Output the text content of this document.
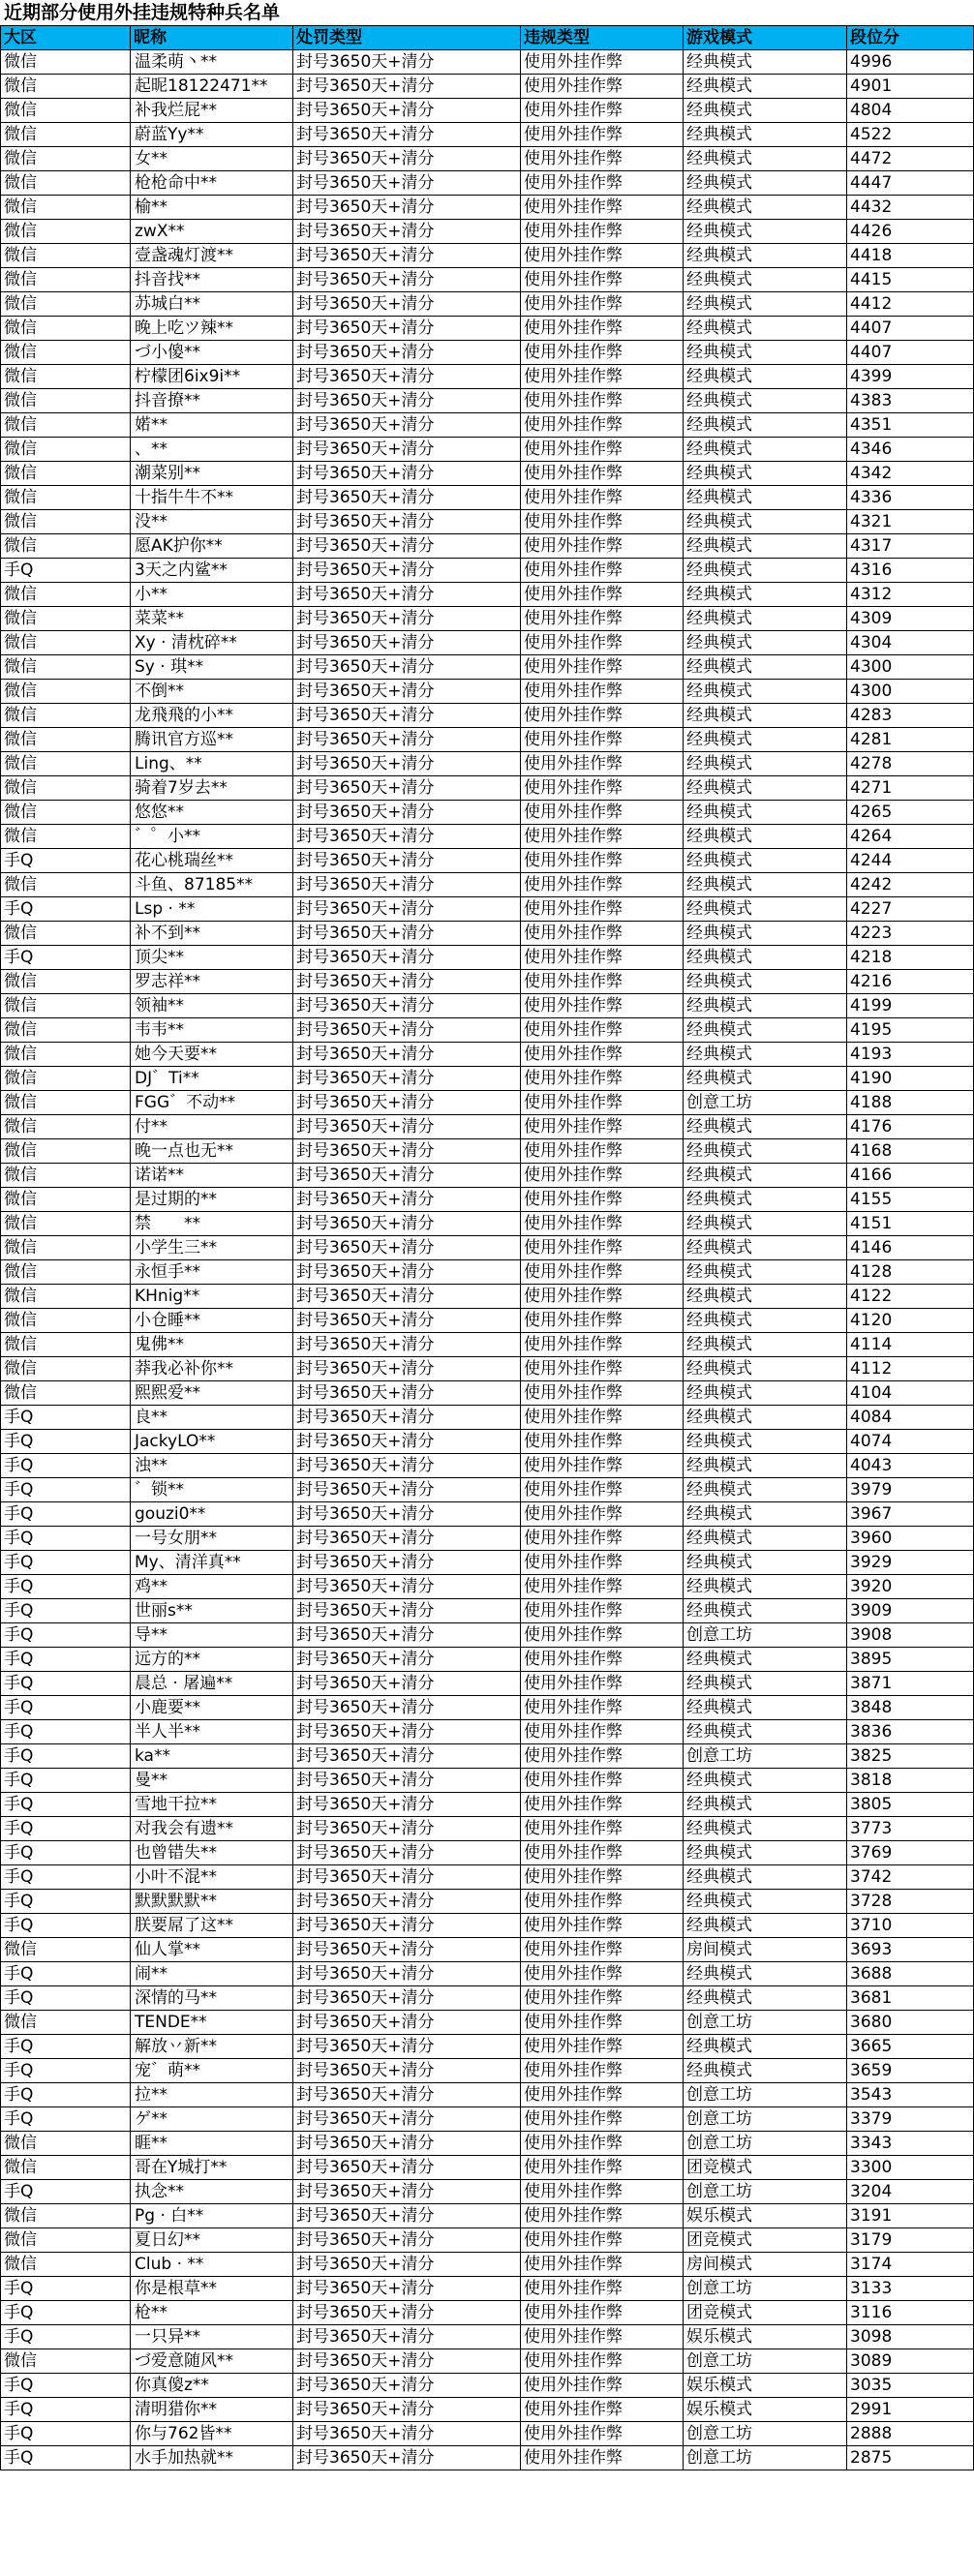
近期部分使用外挂违规特种兵名单
大区	昵称	处罚类型	违规类型	游戏模式	段位分
微信	温柔萌丶**	封号3650天+清分	使用外挂作弊	经典模式	4996
微信	起昵18122471**	封号3650天+清分	使用外挂作弊	经典模式	4901
微信	补我烂屁**	封号3650天+清分	使用外挂作弊	经典模式	4804
微信	蔚蓝Yy**	封号3650天+清分	使用外挂作弊	经典模式	4522
微信	女**	封号3650天+清分	使用外挂作弊	经典模式	4472
微信	枪枪命中**	封号3650天+清分	使用外挂作弊	经典模式	4447
微信	榆**	封号3650天+清分	使用外挂作弊	经典模式	4432
微信	zwX**	封号3650天+清分	使用外挂作弊	经典模式	4426
微信	壹盏魂灯渡**	封号3650天+清分	使用外挂作弊	经典模式	4418
微信	抖音找**	封号3650天+清分	使用外挂作弊	经典模式	4415
微信	苏城白**	封号3650天+清分	使用外挂作弊	经典模式	4412
微信	晚上吃ツ辣**	封号3650天+清分	使用外挂作弊	经典模式	4407
微信	づ小傻**	封号3650天+清分	使用外挂作弊	经典模式	4407
微信	柠檬团6ix9i**	封号3650天+清分	使用外挂作弊	经典模式	4399
微信	抖音撩**	封号3650天+清分	使用外挂作弊	经典模式	4383
微信	婼**	封号3650天+清分	使用外挂作弊	经典模式	4351
微信	、**	封号3650天+清分	使用外挂作弊	经典模式	4346
微信	潮菜别**	封号3650天+清分	使用外挂作弊	经典模式	4342
微信	十指牛牛不**	封号3650天+清分	使用外挂作弊	经典模式	4336
微信	没**	封号3650天+清分	使用外挂作弊	经典模式	4321
微信	愿AK护你**	封号3650天+清分	使用外挂作弊	经典模式	4317
手Q	3天之内鲨**	封号3650天+清分	使用外挂作弊	经典模式	4316
微信	小**	封号3650天+清分	使用外挂作弊	经典模式	4312
微信	菜菜**	封号3650天+清分	使用外挂作弊	经典模式	4309
微信	Xy · 清枕碎**	封号3650天+清分	使用外挂作弊	经典模式	4304
微信	Sy · 琪**	封号3650天+清分	使用外挂作弊	经典模式	4300
微信	不倒**	封号3650天+清分	使用外挂作弊	经典模式	4300
微信	龙飛飛的小**	封号3650天+清分	使用外挂作弊	经典模式	4283
微信	腾讯官方巡**	封号3650天+清分	使用外挂作弊	经典模式	4281
微信	Ling、**	封号3650天+清分	使用外挂作弊	经典模式	4278
微信	骑着7岁去**	封号3650天+清分	使用外挂作弊	经典模式	4271
微信	悠悠**	封号3650天+清分	使用外挂作弊	经典模式	4265
微信	゛゜小**	封号3650天+清分	使用外挂作弊	经典模式	4264
手Q	花心桃瑞丝**	封号3650天+清分	使用外挂作弊	经典模式	4244
微信	斗鱼、87185**	封号3650天+清分	使用外挂作弊	经典模式	4242
手Q	Lsp · **	封号3650天+清分	使用外挂作弊	经典模式	4227
微信	补不到**	封号3650天+清分	使用外挂作弊	经典模式	4223
手Q	顶尖**	封号3650天+清分	使用外挂作弊	经典模式	4218
微信	罗志祥**	封号3650天+清分	使用外挂作弊	经典模式	4216
微信	领袖**	封号3650天+清分	使用外挂作弊	经典模式	4199
微信	韦韦**	封号3650天+清分	使用外挂作弊	经典模式	4195
微信	她今天要**	封号3650天+清分	使用外挂作弊	经典模式	4193
微信	DJ゛Ti**	封号3650天+清分	使用外挂作弊	经典模式	4190
微信	FGG゛不动**	封号3650天+清分	使用外挂作弊	创意工坊	4188
微信	付**	封号3650天+清分	使用外挂作弊	经典模式	4176
微信	晚一点也无**	封号3650天+清分	使用外挂作弊	经典模式	4168
微信	诺诺**	封号3650天+清分	使用外挂作弊	经典模式	4166
微信	是过期的**	封号3650天+清分	使用外挂作弊	经典模式	4155
微信	禁　　**	封号3650天+清分	使用外挂作弊	经典模式	4151
微信	小学生三**	封号3650天+清分	使用外挂作弊	经典模式	4146
微信	永恒手**	封号3650天+清分	使用外挂作弊	经典模式	4128
微信	KHnig**	封号3650天+清分	使用外挂作弊	经典模式	4122
微信	小仓睡**	封号3650天+清分	使用外挂作弊	经典模式	4120
微信	鬼佛**	封号3650天+清分	使用外挂作弊	经典模式	4114
微信	莽我必补你**	封号3650天+清分	使用外挂作弊	经典模式	4112
微信	熙熙爱**	封号3650天+清分	使用外挂作弊	经典模式	4104
手Q	良**	封号3650天+清分	使用外挂作弊	经典模式	4084
手Q	JackyLO**	封号3650天+清分	使用外挂作弊	经典模式	4074
手Q	浊**	封号3650天+清分	使用外挂作弊	经典模式	4043
手Q	゛锁**	封号3650天+清分	使用外挂作弊	经典模式	3979
手Q	gouzi0**	封号3650天+清分	使用外挂作弊	经典模式	3967
手Q	一号女朋**	封号3650天+清分	使用外挂作弊	经典模式	3960
手Q	My、清洋真**	封号3650天+清分	使用外挂作弊	经典模式	3929
手Q	鸡**	封号3650天+清分	使用外挂作弊	经典模式	3920
手Q	世丽s**	封号3650天+清分	使用外挂作弊	经典模式	3909
手Q	导**	封号3650天+清分	使用外挂作弊	创意工坊	3908
手Q	远方的**	封号3650天+清分	使用外挂作弊	经典模式	3895
手Q	晨总 · 屠遍**	封号3650天+清分	使用外挂作弊	经典模式	3871
手Q	小鹿要**	封号3650天+清分	使用外挂作弊	经典模式	3848
手Q	半人半**	封号3650天+清分	使用外挂作弊	经典模式	3836
手Q	ka**	封号3650天+清分	使用外挂作弊	创意工坊	3825
手Q	曼**	封号3650天+清分	使用外挂作弊	经典模式	3818
手Q	雪地干拉**	封号3650天+清分	使用外挂作弊	经典模式	3805
手Q	对我会有遗**	封号3650天+清分	使用外挂作弊	经典模式	3773
手Q	也曾错失**	封号3650天+清分	使用外挂作弊	经典模式	3769
手Q	小叶不混**	封号3650天+清分	使用外挂作弊	经典模式	3742
手Q	默默默默**	封号3650天+清分	使用外挂作弊	经典模式	3728
手Q	朕要屌了这**	封号3650天+清分	使用外挂作弊	经典模式	3710
微信	仙人掌**	封号3650天+清分	使用外挂作弊	房间模式	3693
手Q	闹**	封号3650天+清分	使用外挂作弊	经典模式	3688
手Q	深情的马**	封号3650天+清分	使用外挂作弊	经典模式	3681
微信	TENDE**	封号3650天+清分	使用外挂作弊	创意工坊	3680
手Q	解放丷新**	封号3650天+清分	使用外挂作弊	经典模式	3665
手Q	宠゛萌**	封号3650天+清分	使用外挂作弊	经典模式	3659
手Q	拉**	封号3650天+清分	使用外挂作弊	创意工坊	3543
手Q	ゲ**	封号3650天+清分	使用外挂作弊	创意工坊	3379
微信	睚**	封号3650天+清分	使用外挂作弊	创意工坊	3343
微信	哥在Y城打**	封号3650天+清分	使用外挂作弊	团竞模式	3300
手Q	执念**	封号3650天+清分	使用外挂作弊	创意工坊	3204
微信	Pg · 白**	封号3650天+清分	使用外挂作弊	娱乐模式	3191
微信	夏日幻**	封号3650天+清分	使用外挂作弊	团竞模式	3179
微信	Club · **	封号3650天+清分	使用外挂作弊	房间模式	3174
手Q	你是根草**	封号3650天+清分	使用外挂作弊	创意工坊	3133
手Q	枪**	封号3650天+清分	使用外挂作弊	团竞模式	3116
手Q	一只异**	封号3650天+清分	使用外挂作弊	娱乐模式	3098
微信	づ爱意随风**	封号3650天+清分	使用外挂作弊	创意工坊	3089
手Q	你真傻z**	封号3650天+清分	使用外挂作弊	娱乐模式	3035
手Q	清明猎你**	封号3650天+清分	使用外挂作弊	娱乐模式	2991
手Q	你与762皆**	封号3650天+清分	使用外挂作弊	创意工坊	2888
手Q	水手加热就**	封号3650天+清分	使用外挂作弊	创意工坊	2875
